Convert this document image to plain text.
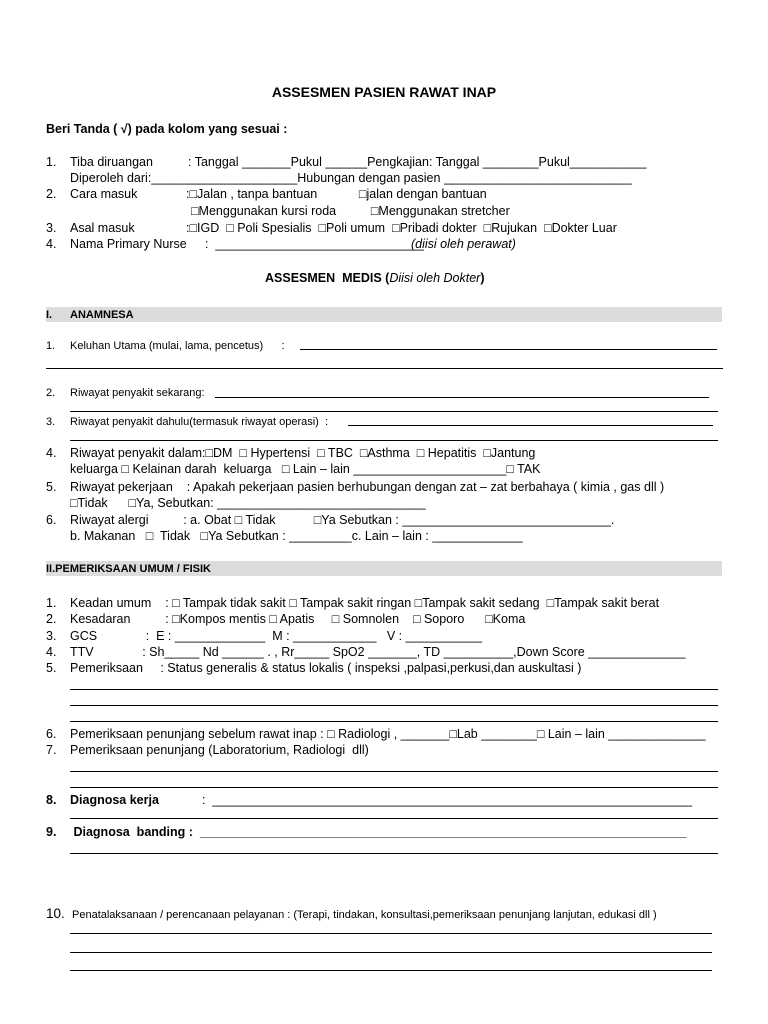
ASSESMEN PASIEN RAWAT INAP
Beri Tanda ( √) pada kolom yang sesuai :
1. Tiba diruangan	: Tanggal _______Pukul ______Pengkajian: Tanggal ________Pukul___________
Diperoleh dari:_____________________Hubungan dengan pasien ___________________________
2. Cara masuk	:□Jalan , tanpa bantuan            □jalan dengan bantuan
□Menggunakan kursi roda          □Menggunakan stretcher
3. Asal masuk	:□IGD  □ Poli Spesialis  □Poli umum  □Pribadi dokter  □Rujukan  □Dokter Luar
4. Nama Primary Nurse :  ______________________________
(diisi oleh perawat)
ASSESMEN  MEDIS (Diisi oleh Dokter)
I. ANAMNESA
1. Keluhan Utama (mulai, lama, pencetus)      :
2. Riwayat penyakit sekarang:
3. Riwayat penyakit dahulu(termasuk riwayat operasi)  :
4. Riwayat penyakit dalam:□DM  □ Hypertensi  □ TBC  □Asthma  □ Hepatitis  □Jantung
keluarga □ Kelainan darah  keluarga   □ Lain – lain ______________________□ TAK
5. Riwayat pekerjaan    : Apakah pekerjaan pasien berhubungan dengan zat – zat berbahaya ( kimia , gas dll )
□Tidak      □Ya, Sebutkan: ______________________________
6. Riwayat alergi          : a. Obat □ Tidak           □Ya Sebutkan : ______________________________.
b. Makanan   □  Tidak   □Ya Sebutkan : _________c. Lain – lain : _____________
II.PEMERIKSAAN UMUM / FISIK
1. Keadan umum    : □ Tampak tidak sakit □ Tampak sakit ringan □Tampak sakit sedang  □Tampak sakit berat
2. Kesadaran          : □Kompos mentis □ Apatis     □ Somnolen    □ Soporo      □Koma
3. GCS              :  E : _____________  M : ____________   V : ___________
4. TTV              : Sh_____ Nd ______ . , Rr_____ SpO2 _______, TD __________,Down Score ______________
5. Pemeriksaan     : Status generalis & status lokalis ( inspeksi ,palpasi,perkusi,dan auskultasi )
6. Pemeriksaan penunjang sebelum rawat inap : □ Radiologi , _______□Lab ________□ Lain – lain ______________
7. Pemeriksaan penunjang (Laboratorium, Radiologi  dll)
8. Diagnosa kerja	:  _____________________________________________________________________
9. Diagnosa  banding :  ______________________________________________________________________
10. Penatalaksanaan / perencanaan pelayanan : (Terapi, tindakan, konsultasi,pemeriksaan penunjang lanjutan, edukasi dll )
